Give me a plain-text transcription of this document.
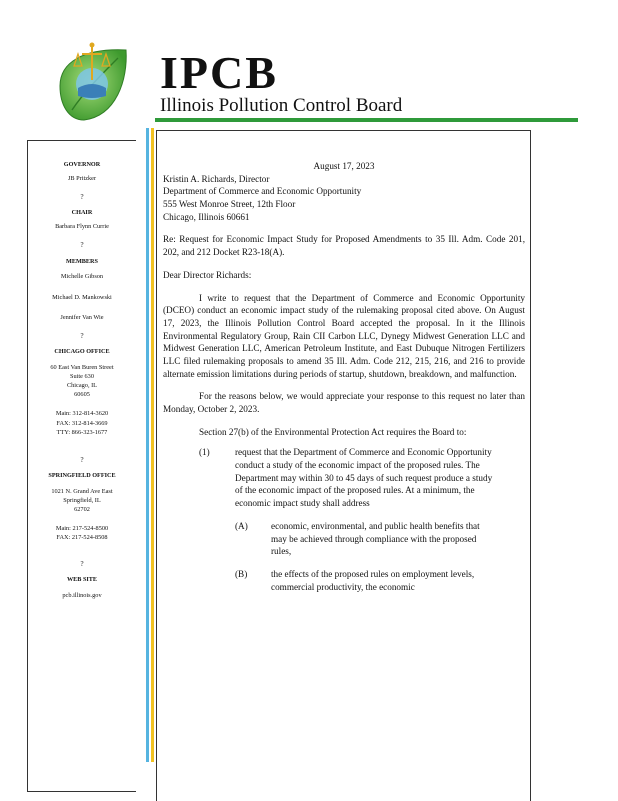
IPCB
Illinois Pollution Control Board
GOVERNOR
JB Pritzker
?
CHAIR
Barbara Flynn Currie
?
MEMBERS

Michelle Gibson

Michael D. Mankowski

Jennifer Van Wie

?
CHICAGO OFFICE

60 East Van Buren Street

Suite 630

Chicago, IL

60605

Main: 312-814-3620

FAX: 312-814-3669

TTY: 866-323-1677

?
SPRINGFIELD OFFICE

1021 N. Grand Ave East

Springfield, IL

62702

Main: 217-524-8500

FAX: 217-524-8508

?
WEB SITE
pcb.illinois.gov

August 17, 2023

Kristin A. Richards, Director

Department of Commerce and Economic Opportunity

555 West Monroe Street, 12th Floor

Chicago, Illinois 60661

Re: Request for Economic Impact Study for Proposed Amendments to 35 Ill. Adm. Code 201, 202, and 212 Docket R23-18(A).

Dear Director Richards:

I write to request that the Department of Commerce and Economic Opportunity (DCEO) conduct an economic impact study of the rulemaking proposal cited above. On August 17, 2023, the Illinois Pollution Control Board accepted the proposal. In it the Illinois Environmental Regulatory Group, Rain CII Carbon LLC, Dynegy Midwest Generation LLC and Midwest Generation LLC, American Petroleum Institute, and East Dubuque Nitrogen Fertilizers LLC filed rulemaking proposals to amend 35 Ill. Adm. Code 212, 215, 216, and 216 to provide alternate emission limitations during periods of startup, shutdown, breakdown, and malfunction.

For the reasons below, we would appreciate your response to this request no later than Monday, October 2, 2023.

Section 27(b) of the Environmental Protection Act requires the Board to:

(1)	request that the Department of Commerce and Economic Opportunity conduct a study of the economic impact of the proposed rules. The Department may within 30 to 45 days of such request produce a study of the economic impact of the proposed rules. At a minimum, the economic impact study shall address
(A)	economic, environmental, and public health benefits that may be achieved through compliance with the proposed rules,
(B)	the effects of the proposed rules on employment levels, commercial productivity, the economic
